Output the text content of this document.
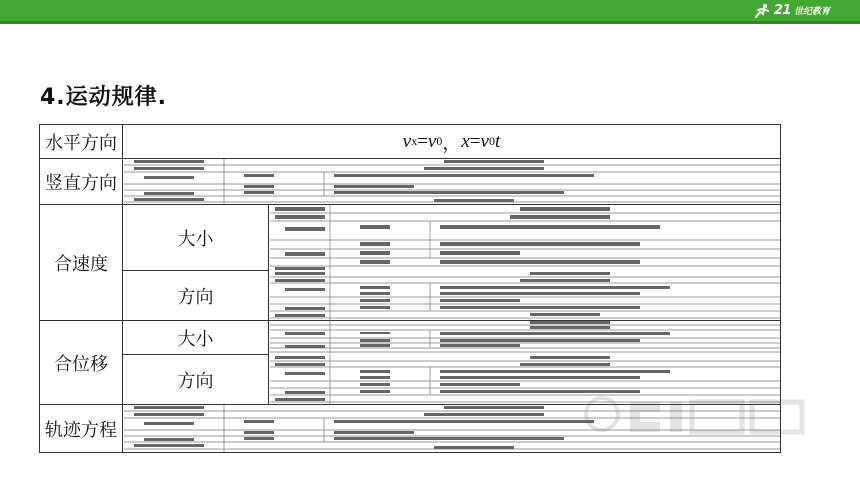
21 世纪教育
4.运动规律.
水平方向	v x = v 0 ， x = v 0 t
竖直方向
合速度
大小
方向
合位移
大小
方向
轨迹方程
